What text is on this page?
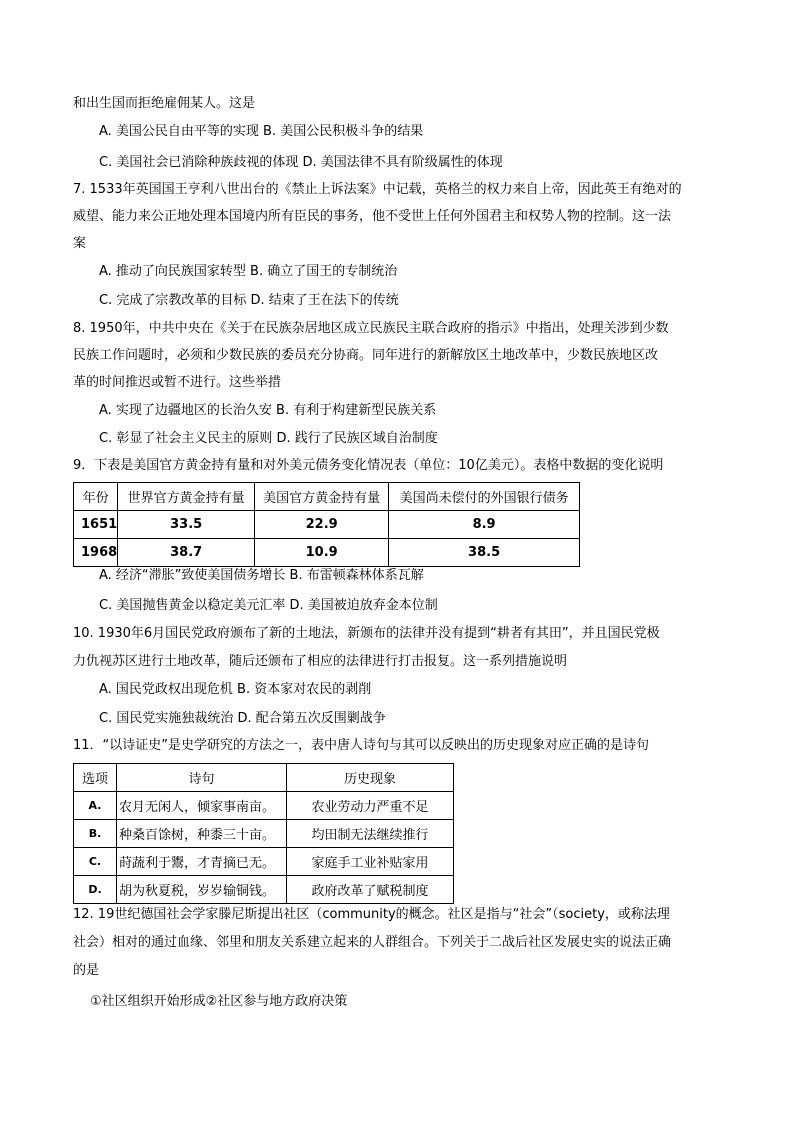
和出生国而拒绝雇佣某人。这是
A. 美国公民自由平等的实现 B. 美国公民积极斗争的结果
C. 美国社会已消除种族歧视的体现 D. 美国法律不具有阶级属性的体现
7. 1533年英国国王亨利八世出台的《禁止上诉法案》中记载，英格兰的权力来自上帝，因此英王有绝对的
威望、能力来公正地处理本国境内所有臣民的事务，他不受世上任何外国君主和权势人物的控制。这一法
案
A. 推动了向民族国家转型 B. 确立了国王的专制统治
C. 完成了宗教改革的目标 D. 结束了王在法下的传统
8. 1950年，中共中央在《关于在民族杂居地区成立民族民主联合政府的指示》中指出，处理关涉到少数
民族工作问题时，必须和少数民族的委员充分协商。同年进行的新解放区土地改革中，少数民族地区改
革的时间推迟或暂不进行。这些举措
A. 实现了边疆地区的长治久安 B. 有利于构建新型民族关系
C. 彰显了社会主义民主的原则 D. 践行了民族区域自治制度
9．下表是美国官方黄金持有量和对外美元债务变化情况表（单位：10亿美元）。表格中数据的变化说明
年份	世界官方黄金持有量	美国官方黄金持有量	美国尚未偿付的外国银行债务
1651	33.5	22.9	8.9
1968	38.7	10.9	38.5
A. 经济“滞胀”致使美国债务增长 B. 布雷顿森林体系瓦解
C. 美国抛售黄金以稳定美元汇率 D. 美国被迫放弃金本位制
10. 1930年6月国民党政府颁布了新的土地法，新颁布的法律并没有提到“耕者有其田”，并且国民党极
力仇视苏区进行土地改革，随后还颁布了相应的法律进行打击报复。这一系列措施说明
A. 国民党政权出现危机 B. 资本家对农民的剥削
C. 国民党实施独裁统治 D. 配合第五次反围剿战争
11．“以诗证史”是史学研究的方法之一，表中唐人诗句与其可以反映出的历史现象对应正确的是诗句
选项	诗句	历史现象
A.	农月无闲人，倾家事南亩。	农业劳动力严重不足
B.	种桑百馀树，种黍三十亩。	均田制无法继续推行
C.	莳蔬利于鬻，才青摘已无。	家庭手工业补贴家用
D.	胡为秋夏税，岁岁输铜钱。	政府改革了赋税制度
12. 19世纪德国社会学家滕尼斯提出社区（community的概念。社区是指与“社会”（society，或称法理
社会）相对的通过血缘、邻里和朋友关系建立起来的人群组合。下列关于二战后社区发展史实的说法正确
的是
①社区组织开始形成②社区参与地方政府决策
